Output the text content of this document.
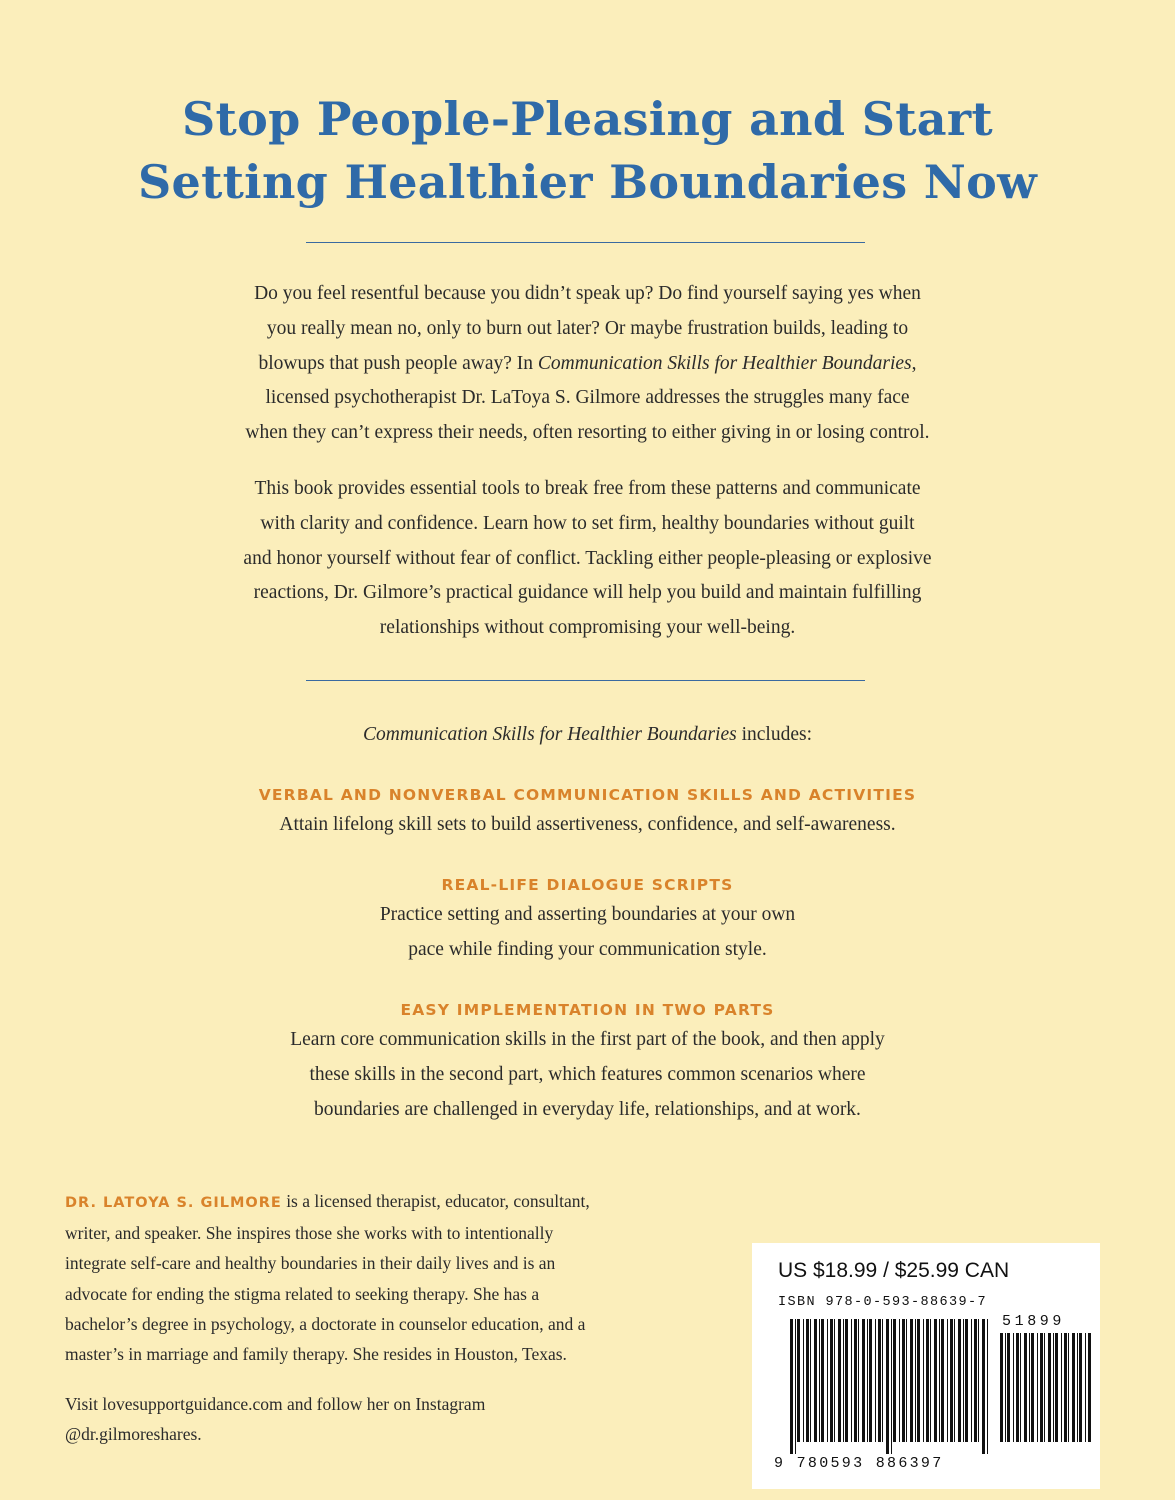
Stop People-Pleasing and Start
Setting Healthier Boundaries Now
Do you feel resentful because you didn’t speak up? Do find yourself saying yes when
you really mean no, only to burn out later? Or maybe frustration builds, leading to
blowups that push people away? In Communication Skills for Healthier Boundaries,
licensed psychotherapist Dr. LaToya S. Gilmore addresses the struggles many face
when they can’t express their needs, often resorting to either giving in or losing control.
This book provides essential tools to break free from these patterns and communicate
with clarity and confidence. Learn how to set firm, healthy boundaries without guilt
and honor yourself without fear of conflict. Tackling either people-pleasing or explosive
reactions, Dr. Gilmore’s practical guidance will help you build and maintain fulfilling
relationships without compromising your well-being.
Communication Skills for Healthier Boundaries includes:
VERBAL AND NONVERBAL COMMUNICATION SKILLS AND ACTIVITIES
Attain lifelong skill sets to build assertiveness, confidence, and self-awareness.
REAL-LIFE DIALOGUE SCRIPTS
Practice setting and asserting boundaries at your own
pace while finding your communication style.
EASY IMPLEMENTATION IN TWO PARTS
Learn core communication skills in the first part of the book, and then apply
these skills in the second part, which features common scenarios where
boundaries are challenged in everyday life, relationships, and at work.
DR. LATOYA S. GILMORE is a licensed therapist, educator, consultant,
writer, and speaker. She inspires those she works with to intentionally
integrate self-care and healthy boundaries in their daily lives and is an
advocate for ending the stigma related to seeking therapy. She has a
bachelor’s degree in psychology, a doctorate in counselor education, and a
master’s in marriage and family therapy. She resides in Houston, Texas.
Visit lovesupportguidance.com and follow her on Instagram
@dr.gilmoreshares.
US $18.99 / $25.99 CAN
ISBN 978-0-593-88639-7
51899
9 780593 886397
